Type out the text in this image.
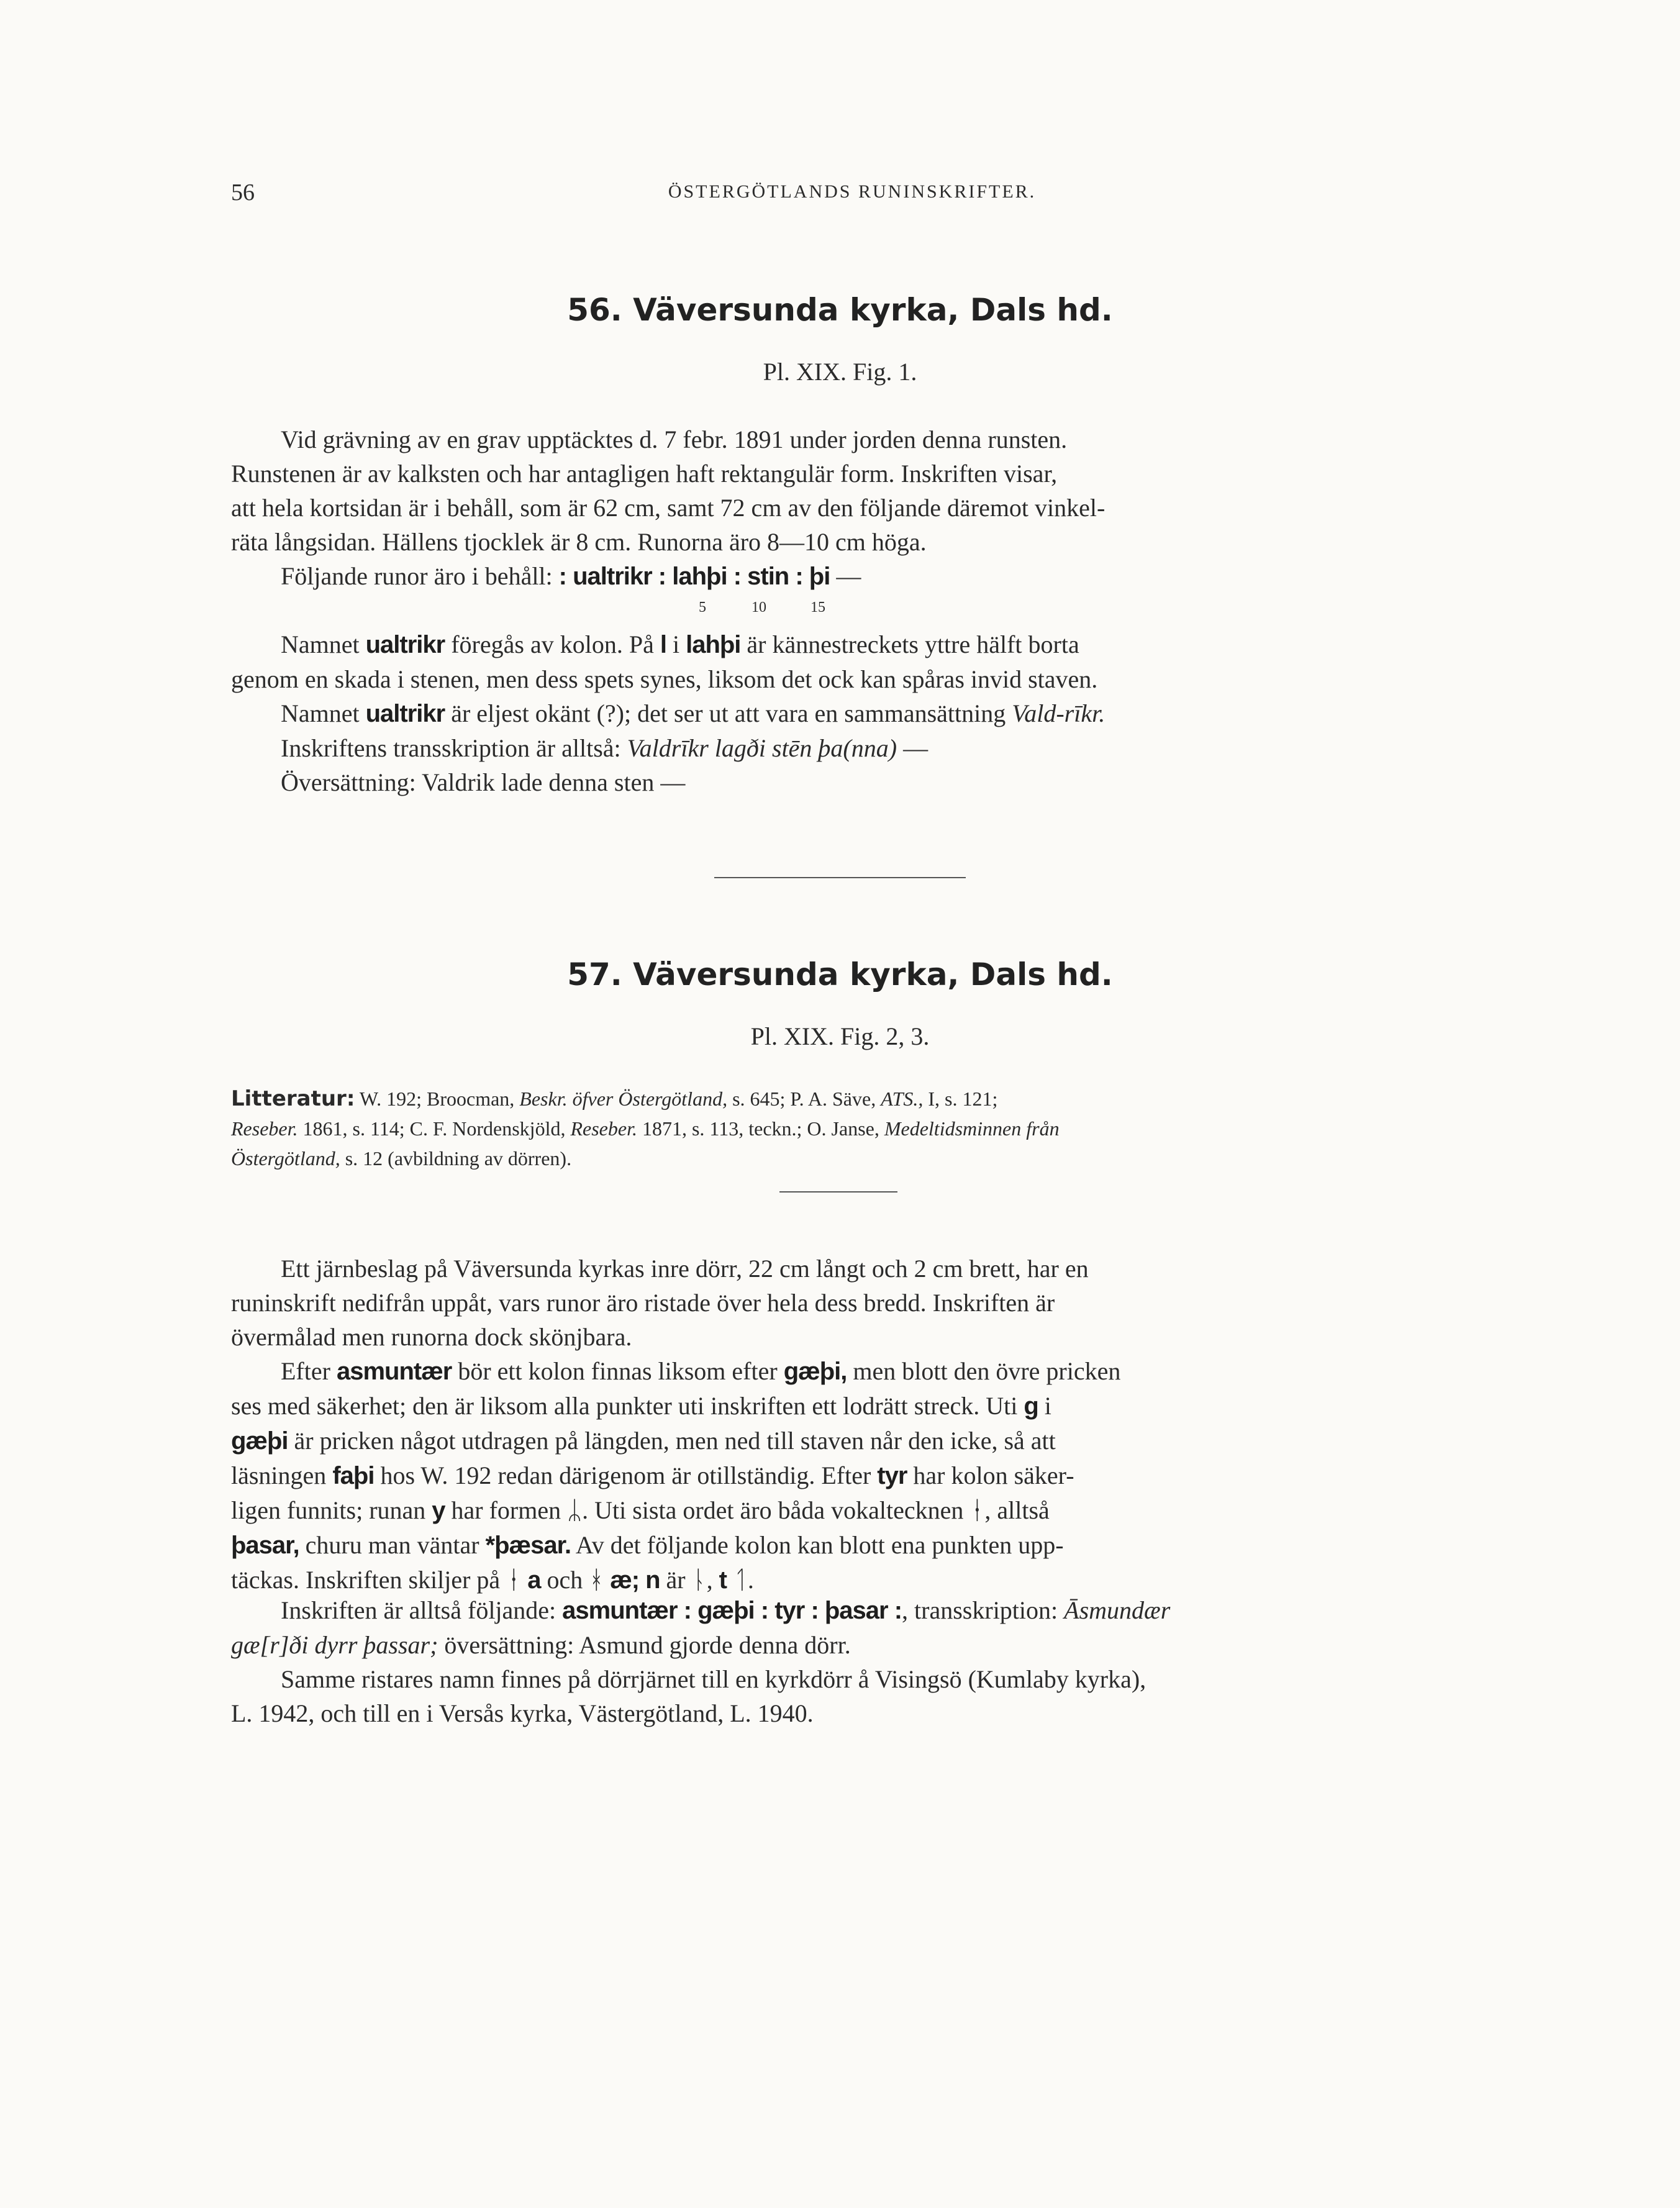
56	ÖSTERGÖTLANDS RUNINSKRIFTER.
56. Väversunda kyrka, Dals hd.
Pl. XIX. Fig. 1.

Vid grävning av en grav upptäcktes d. 7 febr. 1891 under jorden denna runsten.
Runstenen är av kalksten och har antagligen haft rektangulär form. Inskriften visar,
att hela kortsidan är i behåll, som är 62 cm, samt 72 cm av den följande däremot vinkel-
räta långsidan. Hällens tjocklek är 8 cm. Runorna äro 8—10 cm höga.

Följande runor äro i behåll: : ualtrikr : lahþi : stin : þi —

5	10	15

Namnet ualtrikr föregås av kolon. På l i lahþi är kännestreckets yttre hälft borta
genom en skada i stenen, men dess spets synes, liksom det ock kan spåras invid staven.
Namnet ualtrikr är eljest okänt (?); det ser ut att vara en sammansättning Vald-rīkr.
Inskriftens transskription är alltså: Valdrīkr lagði stēn þa(nna) —
Översättning: Valdrik lade denna sten —

57. Väversunda kyrka, Dals hd.
Pl. XIX. Fig. 2, 3.

Litteratur: W. 192; Broocman, Beskr. öfver Östergötland, s. 645; P. A. Säve, ATS., I, s. 121;
Reseber. 1861, s. 114; C. F. Nordenskjöld, Reseber. 1871, s. 113, teckn.; O. Janse, Medeltidsminnen från
Östergötland, s. 12 (avbildning av dörren).

Ett järnbeslag på Väversunda kyrkas inre dörr, 22 cm långt och 2 cm brett, har en
runinskrift nedifrån uppåt, vars runor äro ristade över hela dess bredd. Inskriften är
övermålad men runorna dock skönjbara.

Efter asmuntær bör ett kolon finnas liksom efter gæþi, men blott den övre pricken
ses med säkerhet; den är liksom alla punkter uti inskriften ett lodrätt streck. Uti g i
gæþi är pricken något utdragen på längden, men ned till staven når den icke, så att
läsningen faþi hos W. 192 redan därigenom är otillständig. Efter tyr har kolon säker-
ligen funnits; runan y har formen ᛦ. Uti sista ordet äro båda vokaltecknen ᚽ, alltså
þasar, churu man väntar *þæsar. Av det följande kolon kan blott ena punkten upp-
täckas. Inskriften skiljer på ᚽ a och ᚼ æ; n är ᚿ, t ᛐ.

Inskriften är alltså följande: asmuntær : gæþi : tyr : þasar :, transskription: Āsmundær
gæ[r]ði dyrr þassar; översättning: Asmund gjorde denna dörr.
Samme ristares namn finnes på dörrjärnet till en kyrkdörr å Visingsö (Kumlaby kyrka),
L. 1942, och till en i Versås kyrka, Västergötland, L. 1940.
